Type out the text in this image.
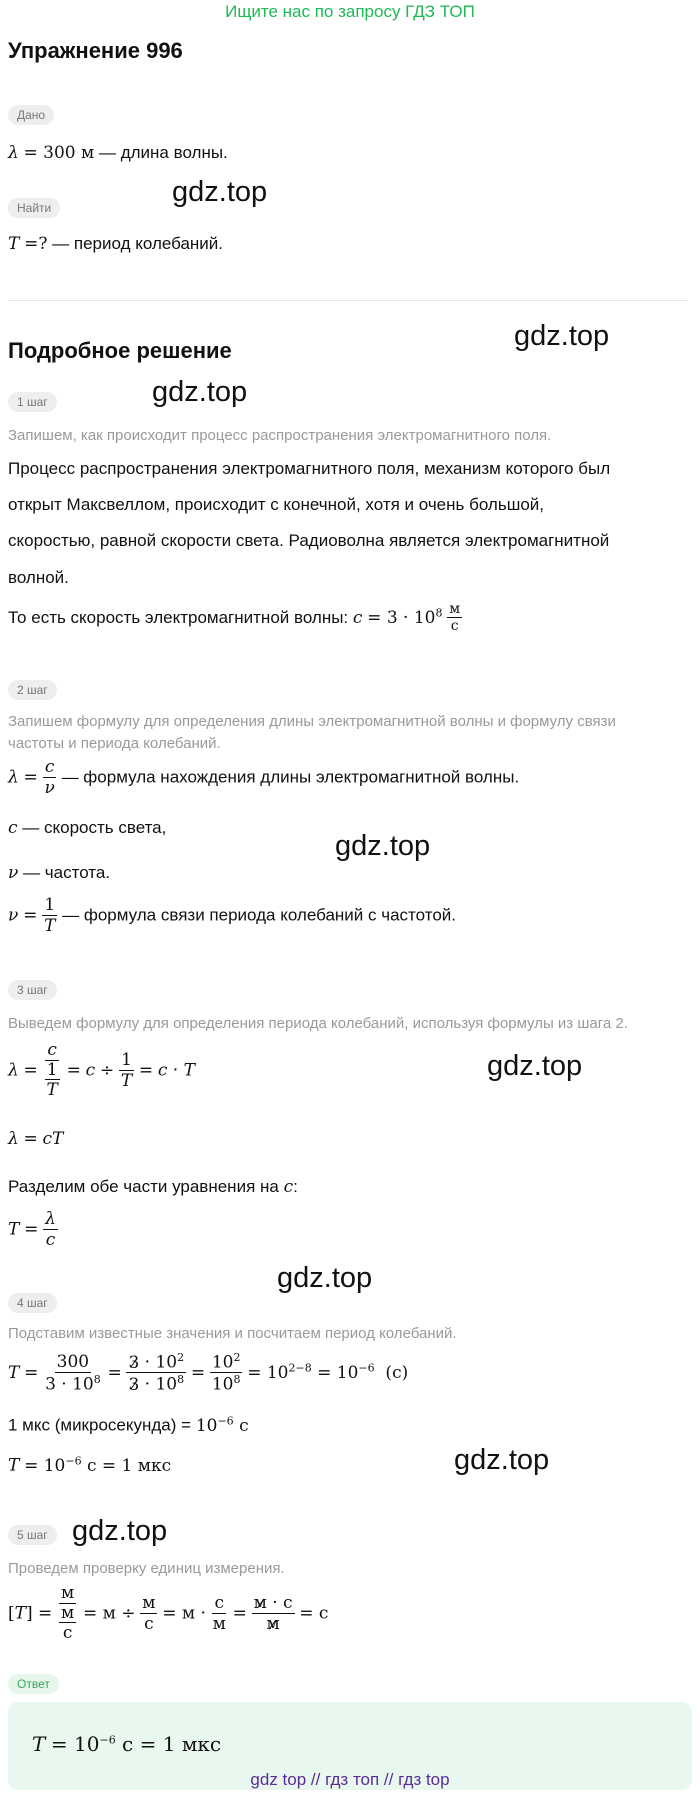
Ищите нас по запросу ГДЗ ТОП
Упражнение 996
Дано
λ = 300 м — длина волны.
Найти
T =? — период колебаний.
gdz.top
Подробное решение	gdz.top
1 шаг	gdz.top
Запишем, как происходит процесс распространения электромагнитного поля.
Процесс распространения электромагнитного поля, механизм которого был
открыт Максвеллом, происходит с конечной, хотя и очень большой,
скоростью, равной скорости света. Радиоволна является электромагнитной
волной.
То есть скорость электромагнитной волны: $c = 3 \cdot 10^8 \frac{м}{с}$
2 шаг
Запишем формулу для определения длины электромагнитной волны и формулу связи
частоты и периода колебаний.
$\lambda = \frac{c}{\nu}$ — формула нахождения длины электромагнитной волны.
c — скорость света,
gdz.top
ν — частота.
$\nu = \frac{1}{T}$ — формула связи периода колебаний с частотой.
3 шаг
Выведем формулу для определения периода колебаний, используя формулы из шага 2.
$\lambda = \frac{c}{\frac{1}{T}} = c \div \frac{1}{T} = c \cdot T$	gdz.top
λ = cT
Разделим обе части уравнения на c:
$T = \frac{\lambda}{c}$
gdz.top
4 шаг
Подставим известные значения и посчитаем период колебаний.
$T = \frac{300}{3 \cdot 10^8} = \frac{3 \cdot 10^2}{3 \cdot 10^8} = \frac{10^2}{10^8} = 10^{2-8} = 10^{-6}$  (с)
1 мкс (микросекунда) = $10^{-6}$ с
$T = 10^{-6}$ с = 1 мкс	gdz.top
5 шаг gdz.top
Проведем проверку единиц измерения.
$[T] = \frac{м}{\frac{м}{с}} = м \div \frac{м}{с} = м \cdot \frac{с}{м} = \frac{м \cdot с}{м} = с$
Ответ
$T = 10^{-6}$ с = 1 мкс
gdz top // гдз топ // гдз top
